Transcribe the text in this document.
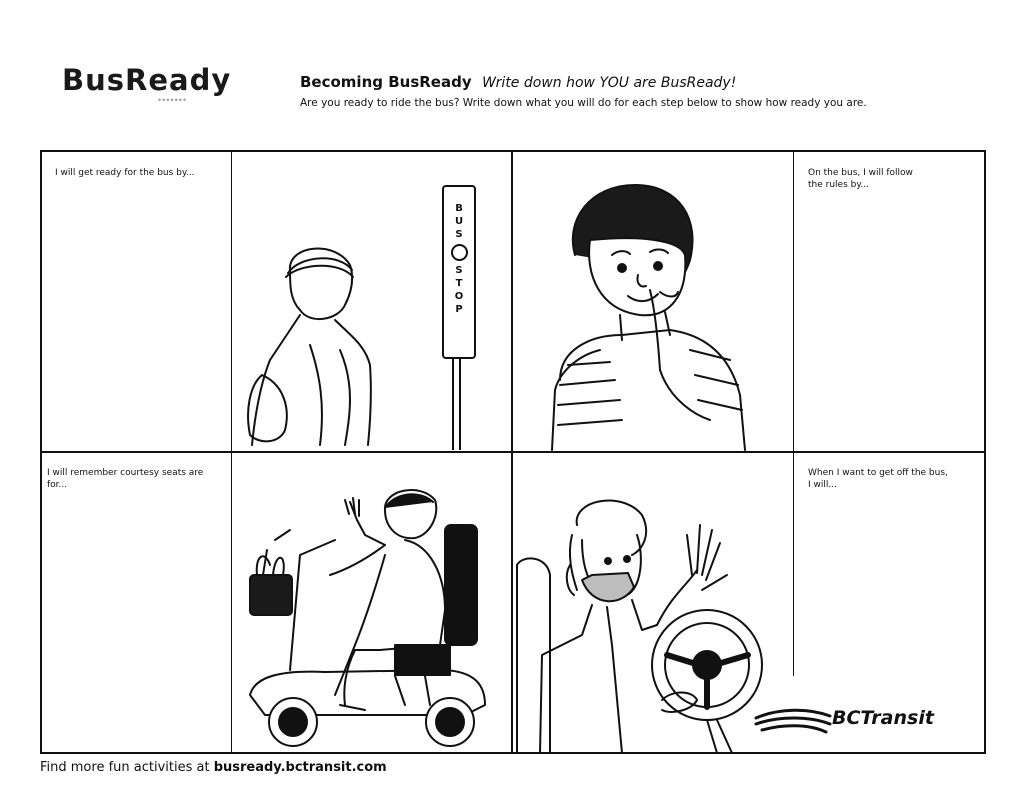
BusReady
•••••••
Becoming BusReady Write down how YOU are BusReady!
Are you ready to ride the bus? Write down what you will do for each step below to show how ready you are.
I will get ready for the bus by...	On the bus, I will follow the rules by...
I will remember courtesy seats are for...
When I want to get off the bus, I will...
B
U
S
S
T
O
P
BCTransit
Find more fun activities at busready.bctransit.com
